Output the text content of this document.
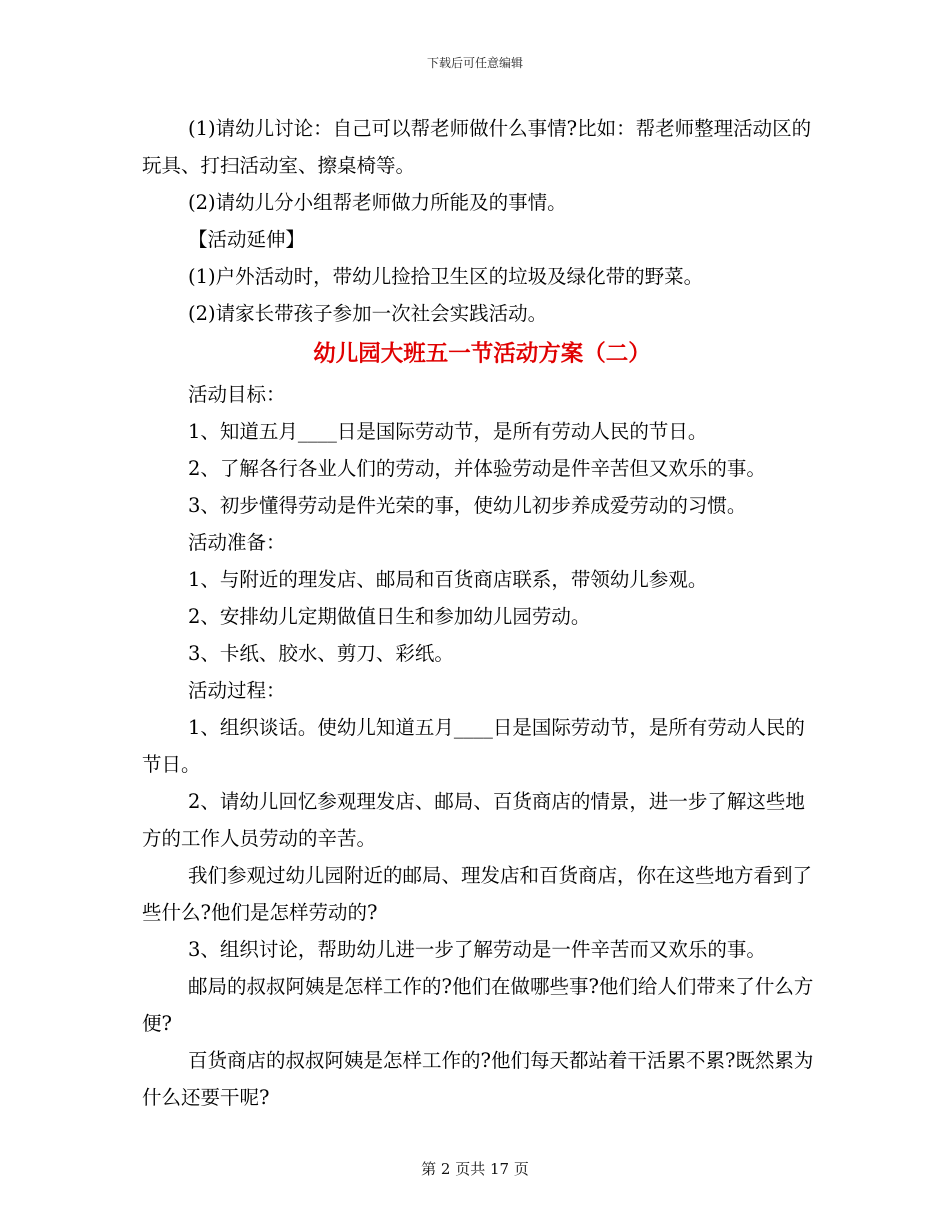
下载后可任意编辑

(1)请幼儿讨论：自己可以帮老师做什么事情?比如：帮老师整理活动区的玩具、打扫活动室、擦桌椅等。

(2)请幼儿分小组帮老师做力所能及的事情。

【活动延伸】

(1)户外活动时，带幼儿捡拾卫生区的垃圾及绿化带的野菜。

(2)请家长带孩子参加一次社会实践活动。

幼儿园大班五一节活动方案（二）

活动目标：

1、知道五月____日是国际劳动节，是所有劳动人民的节日。

2、了解各行各业人们的劳动，并体验劳动是件辛苦但又欢乐的事。

3、初步懂得劳动是件光荣的事，使幼儿初步养成爱劳动的习惯。

活动准备：

1、与附近的理发店、邮局和百货商店联系，带领幼儿参观。

2、安排幼儿定期做值日生和参加幼儿园劳动。

3、卡纸、胶水、剪刀、彩纸。

活动过程：

1、组织谈话。使幼儿知道五月____日是国际劳动节，是所有劳动人民的节日。

2、请幼儿回忆参观理发店、邮局、百货商店的情景，进一步了解这些地方的工作人员劳动的辛苦。

我们参观过幼儿园附近的邮局、理发店和百货商店，你在这些地方看到了些什么?他们是怎样劳动的?

3、组织讨论，帮助幼儿进一步了解劳动是一件辛苦而又欢乐的事。

邮局的叔叔阿姨是怎样工作的?他们在做哪些事?他们给人们带来了什么方便?

百货商店的叔叔阿姨是怎样工作的?他们每天都站着干活累不累?既然累为什么还要干呢?

第 2 页共 17 页
